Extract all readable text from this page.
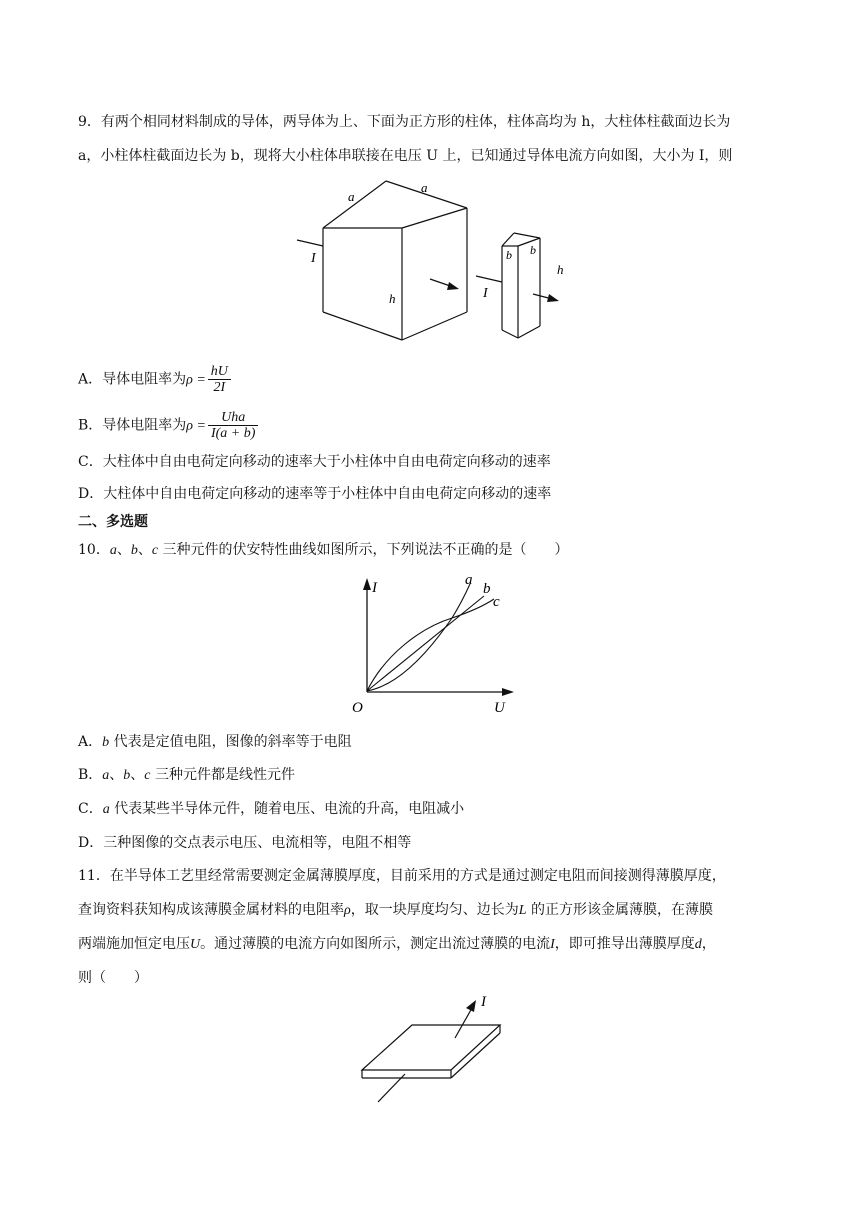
9．有两个相同材料制成的导体，两导体为上、下面为正方形的柱体，柱体高均为 h，大柱体柱截面边长为
a，小柱体柱截面边长为 b，现将大小柱体串联接在电压 U 上，已知通过导体电流方向如图，大小为 I，则
a
a
h
I	b b
h
I
A．导体电阻率为$\rho = \frac{hU}{2I}$
B．导体电阻率为$\rho = \frac{\text{Uha}}{I(a + b)}$
C．大柱体中自由电荷定向移动的速率大于小柱体中自由电荷定向移动的速率
D．大柱体中自由电荷定向移动的速率等于小柱体中自由电荷定向移动的速率
二、多选题
10．a、b、c 三种元件的伏安特性曲线如图所示，下列说法不正确的是（　　）
I
U
O
a
b
c
A．b 代表是定值电阻，图像的斜率等于电阻
B．a、b、c 三种元件都是线性元件
C．a 代表某些半导体元件，随着电压、电流的升高，电阻减小
D．三种图像的交点表示电压、电流相等，电阻不相等
11．在半导体工艺里经常需要测定金属薄膜厚度，目前采用的方式是通过测定电阻而间接测得薄膜厚度，
查询资料获知构成该薄膜金属材料的电阻率ρ，取一块厚度均匀、边长为L 的正方形该金属薄膜，在薄膜
两端施加恒定电压U。通过薄膜的电流方向如图所示，测定出流过薄膜的电流I，即可推导出薄膜厚度d，
则（　　）
I
